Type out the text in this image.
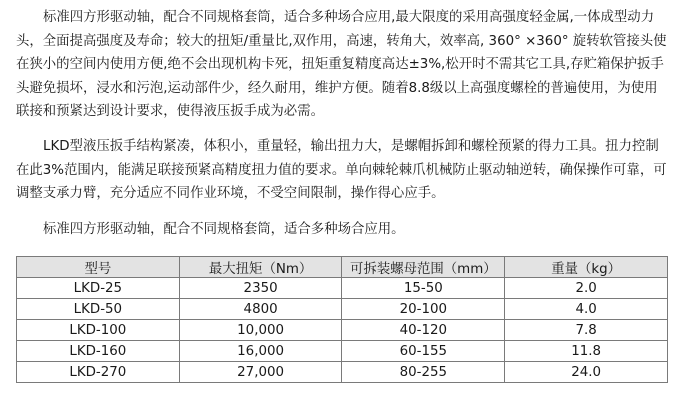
标准四方形驱动轴，配合不同规格套筒，适合多种场合应用,最大限度的采用高强度轻金属,一体成型动力头，全面提高强度及寿命；较大的扭矩/重量比,双作用，高速，转角大，效率高, 360° ×360° 旋转软管接头使在狭小的空间内使用方便,绝不会出现机构卡死，扭矩重复精度高达±3%,松开时不需其它工具,存贮箱保护扳手头避免损坏，浸水和污泡,运动部件少，经久耐用，维护方便。随着8.8级以上高强度螺栓的普遍使用，为使用联接和预紧达到设计要求，使得液压扳手成为必需。

LKD型液压扳手结构紧凑，体积小，重量轻，输出扭力大，是螺帽拆卸和螺栓预紧的得力工具。扭力控制在此3%范围内，能满足联接预紧高精度扭力值的要求。单向棘轮棘爪机械防止驱动轴逆转，确保操作可靠，可调整支承力臂，充分适应不同作业环境，不受空间限制，操作得心应手。

标准四方形驱动轴，配合不同规格套筒，适合多种场合应用。

型号	最大扭矩（Nm）	可拆装螺母范围（mm）	重量（kg）
LKD-25	2350	15-50	2.0
LKD-50	4800	20-100	4.0
LKD-100	10,000	40-120	7.8
LKD-160	16,000	60-155	11.8
LKD-270	27,000	80-255	24.0
